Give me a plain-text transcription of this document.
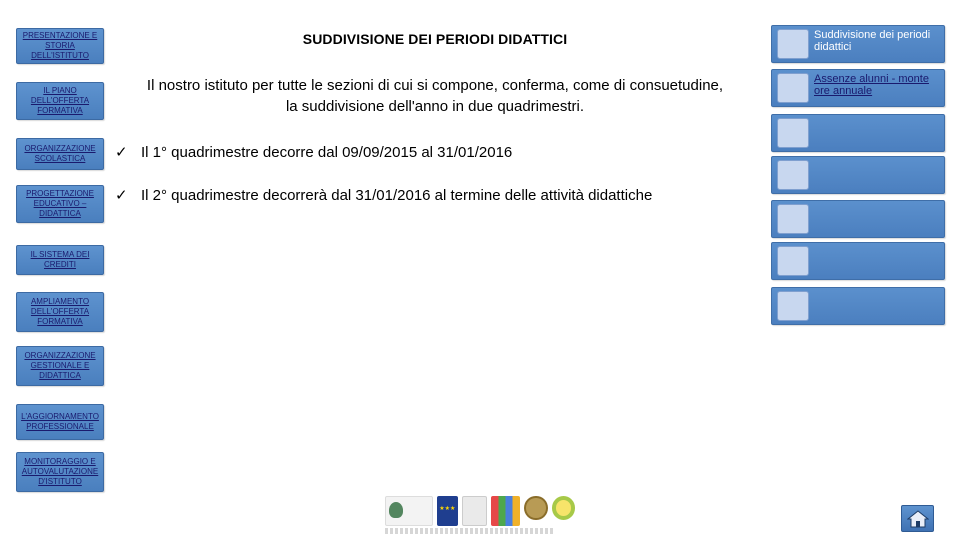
PRESENTAZIONE E STORIA DELL'ISTITUTO
IL PIANO DELL'OFFERTA FORMATIVA
ORGANIZZAZIONE SCOLASTICA
PROGETTAZIONE EDUCATIVO – DIDATTICA
IL SISTEMA DEI CREDITI
AMPLIAMENTO DELL'OFFERTA FORMATIVA
ORGANIZZAZIONE GESTIONALE E DIDATTICA
L'AGGIORNAMENTO PROFESSIONALE
MONITORAGGIO E AUTOVALUTAZIONE D'ISTITUTO
SUDDIVISIONE DEI PERIODI DIDATTICI

Il nostro istituto per tutte le sezioni di cui si compone, conferma, come di consuetudine, la suddivisione dell'anno in due quadrimestri.

✓ Il 1° quadrimestre decorre dal 09/09/2015 al 31/01/2016
✓ Il 2° quadrimestre decorrerà dal 31/01/2016 al termine delle attività didattiche
Suddivisione dei periodi didattici
Assenze alunni - monte ore annuale
★★★
